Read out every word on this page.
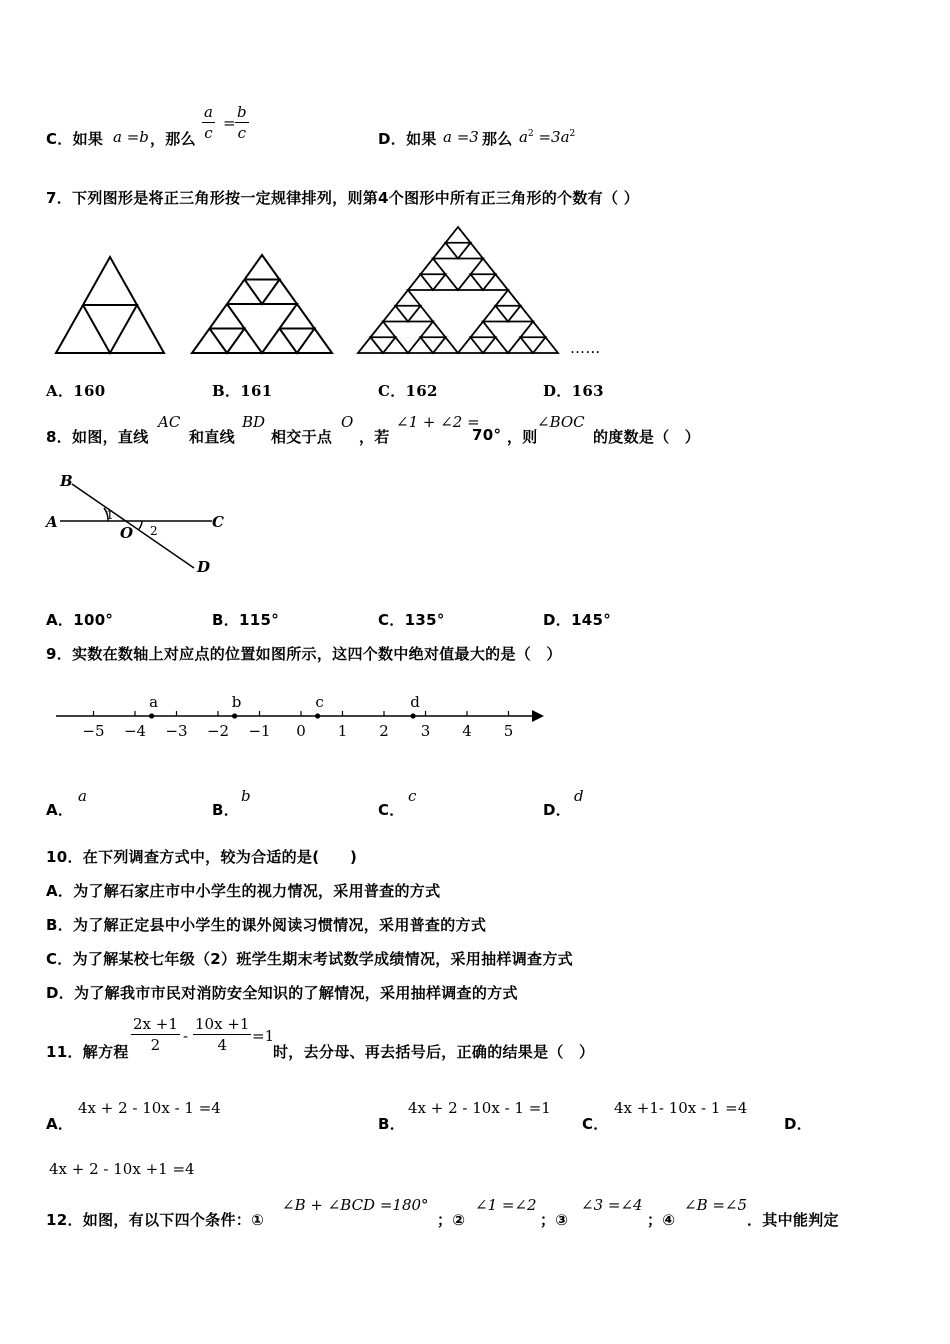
C．如果 a =b ，那么 $\frac{a}{c} = \frac{b}{c}$	D．如果 a =3 那么 $a^2 =3a^2$
7．下列图形是将正三角形按一定规律排列，则第4个图形中所有正三角形的个数有（ ）
……
A．160	B．161	C．162	D．163
8．如图，直线
AC
和直线
BD
相交于点
O
，若
∠1 + ∠2 =
70° ，则
∠BOC
的度数是（　）
B
A	C
D
O
1
2
A．100°	B．115°	C．135°	D．145°
9．实数在数轴上对应点的位置如图所示，这四个数中绝对值最大的是（　）
−5 −4 −3 −2 −1 0 1 2 3 4 5
a	b	c	d
A．
a
B．
b
C．
c
D．
d
10．在下列调查方式中，较为合适的是(　　)
A．为了解石家庄市中小学生的视力情况，采用普查的方式
B．为了解正定县中小学生的课外阅读习惯情况，采用普查的方式
C．为了解某校七年级（2）班学生期末考试数学成绩情况，采用抽样调查方式
D．为了解我市市民对消防安全知识的了解情况，采用抽样调查的方式
11．解方程 $\frac{2x +1}{2} - \frac{10x +1}{4} =1$
时，去分母、再去括号后，正确的结果是（　）
A．
4x + 2 - 10x - 1 =4
B．
4x + 2 - 10x - 1 =1
C．
4x +1- 10x - 1 =4
D．
4x + 2 - 10x +1 =4
12．如图，有以下四个条件：①
∠B + ∠BCD =180°
；②
∠1 =∠2
；③
∠3 =∠4
；④
∠B =∠5
．其中能判定
